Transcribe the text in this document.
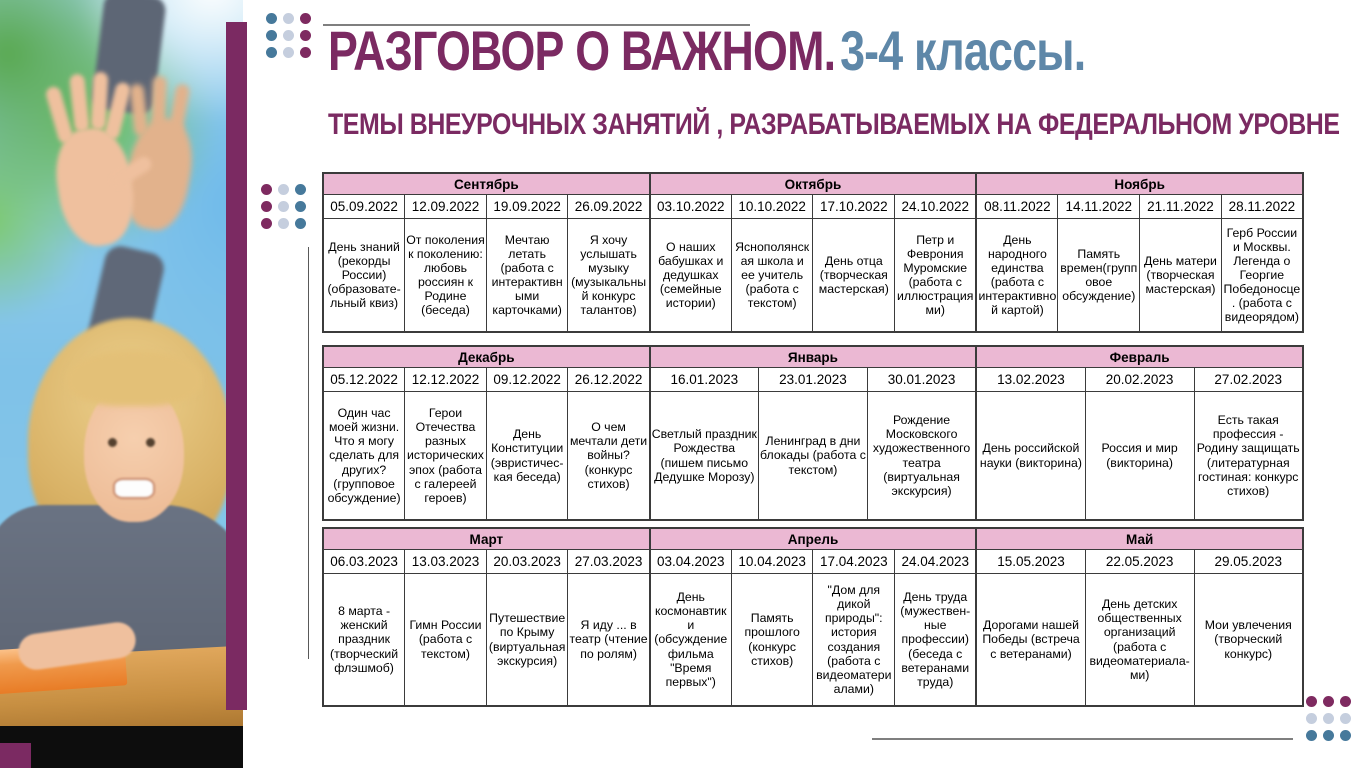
РАЗГОВОР О ВАЖНОМ.3-4 классы.
ТЕМЫ ВНЕУРОЧНЫХ ЗАНЯТИЙ , РАЗРАБАТЫВАЕМЫХ НА ФЕДЕРАЛЬНОМ УРОВНЕ
Сентябрь				Октябрь				Ноябрь			
05.09.2022	12.09.2022	19.09.2022	26.09.2022	03.10.2022	10.10.2022	17.10.2022	24.10.2022	08.11.2022	14.11.2022	21.11.2022	28.11.2022
День знаний (рекорды России) (образовате-льный квиз)	От поколения к поколению: любовь россиян к Родине (беседа)	Мечтаю летать (работа с интерактивными карточками)	Я хочу услышать музыку (музыкальный конкурс талантов)	О наших бабушках и дедушках (семейные истории)	Яснополянская школа и ее учитель (работа с текстом)	День отца (творческая мастерская)	Петр и Феврония Муромские (работа с иллюстрациями)	День народного единства (работа с интерактивной картой)	Память времен(групповое обсуждение)	День матери (творческая мастерская)	Герб России и Москвы. Легенда о Георгие Победоносце. (работа с видеорядом)
Декабрь				Январь			Февраль		
05.12.2022	12.12.2022	09.12.2022	26.12.2022	16.01.2023	23.01.2023	30.01.2023	13.02.2023	20.02.2023	27.02.2023
Один час моей жизни. Что я могу сделать для других? (групповое обсуждение)	Герои Отечества разных исторических эпох (работа с галереей героев)	День Конституции (эвристичес-кая беседа)	О чем мечтали дети войны? (конкурс стихов)	Светлый праздник Рождества (пишем письмо Дедушке Морозу)	Ленинград в дни блокады (работа с текстом)	Рождение Московского художественного театра (виртуальная экскурсия)	День российской науки (викторина)	Россия и мир (викторина)	Есть такая профессия - Родину защищать (литературная гостиная: конкурс стихов)
Март				Апрель				Май		
06.03.2023	13.03.2023	20.03.2023	27.03.2023	03.04.2023	10.04.2023	17.04.2023	24.04.2023	15.05.2023	22.05.2023	29.05.2023
8 марта - женский праздник (творческий флэшмоб)	Гимн России (работа с текстом)	Путешествие по Крыму (виртуальная экскурсия)	Я иду ... в театр (чтение по ролям)	День космонавтики (обсуждение фильма "Время первых")	Память прошлого (конкурс стихов)	"Дом для дикой природы": история создания (работа с видеоматериалами)	День труда (мужествен-ные профессии) (беседа с ветеранами труда)	Дорогами нашей Победы (встреча с ветеранами)	День детских общественных организаций (работа с видеоматериала-ми)	Мои увлечения (творческий конкурс)
